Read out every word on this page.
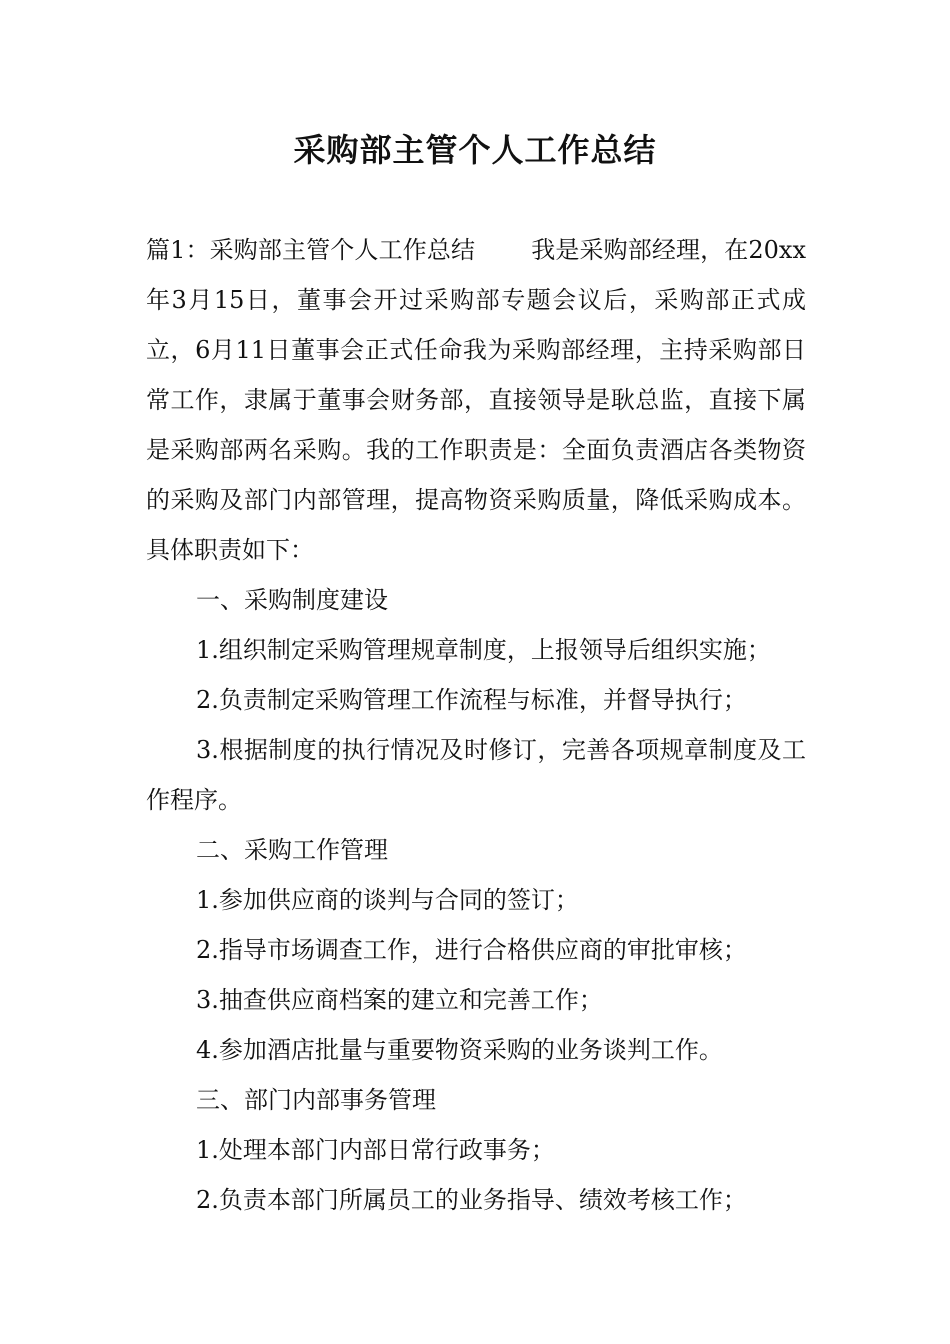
采购部主管个人工作总结

篇1：采购部主管个人工作总结 我是采购部经理，在20xx年3月15日，董事会开过采购部专题会议后，采购部正式成立，6月11日董事会正式任命我为采购部经理，主持采购部日常工作，隶属于董事会财务部，直接领导是耿总监，直接下属是采购部两名采购。我的工作职责是：全面负责酒店各类物资的采购及部门内部管理，提高物资采购质量，降低采购成本。具体职责如下：

一、采购制度建设

1.组织制定采购管理规章制度，上报领导后组织实施；

2.负责制定采购管理工作流程与标准，并督导执行；

3.根据制度的执行情况及时修订，完善各项规章制度及工作程序。

二、采购工作管理

1.参加供应商的谈判与合同的签订；

2.指导市场调查工作，进行合格供应商的审批审核；

3.抽查供应商档案的建立和完善工作；

4.参加酒店批量与重要物资采购的业务谈判工作。

三、部门内部事务管理

1.处理本部门内部日常行政事务；

2.负责本部门所属员工的业务指导、绩效考核工作；
